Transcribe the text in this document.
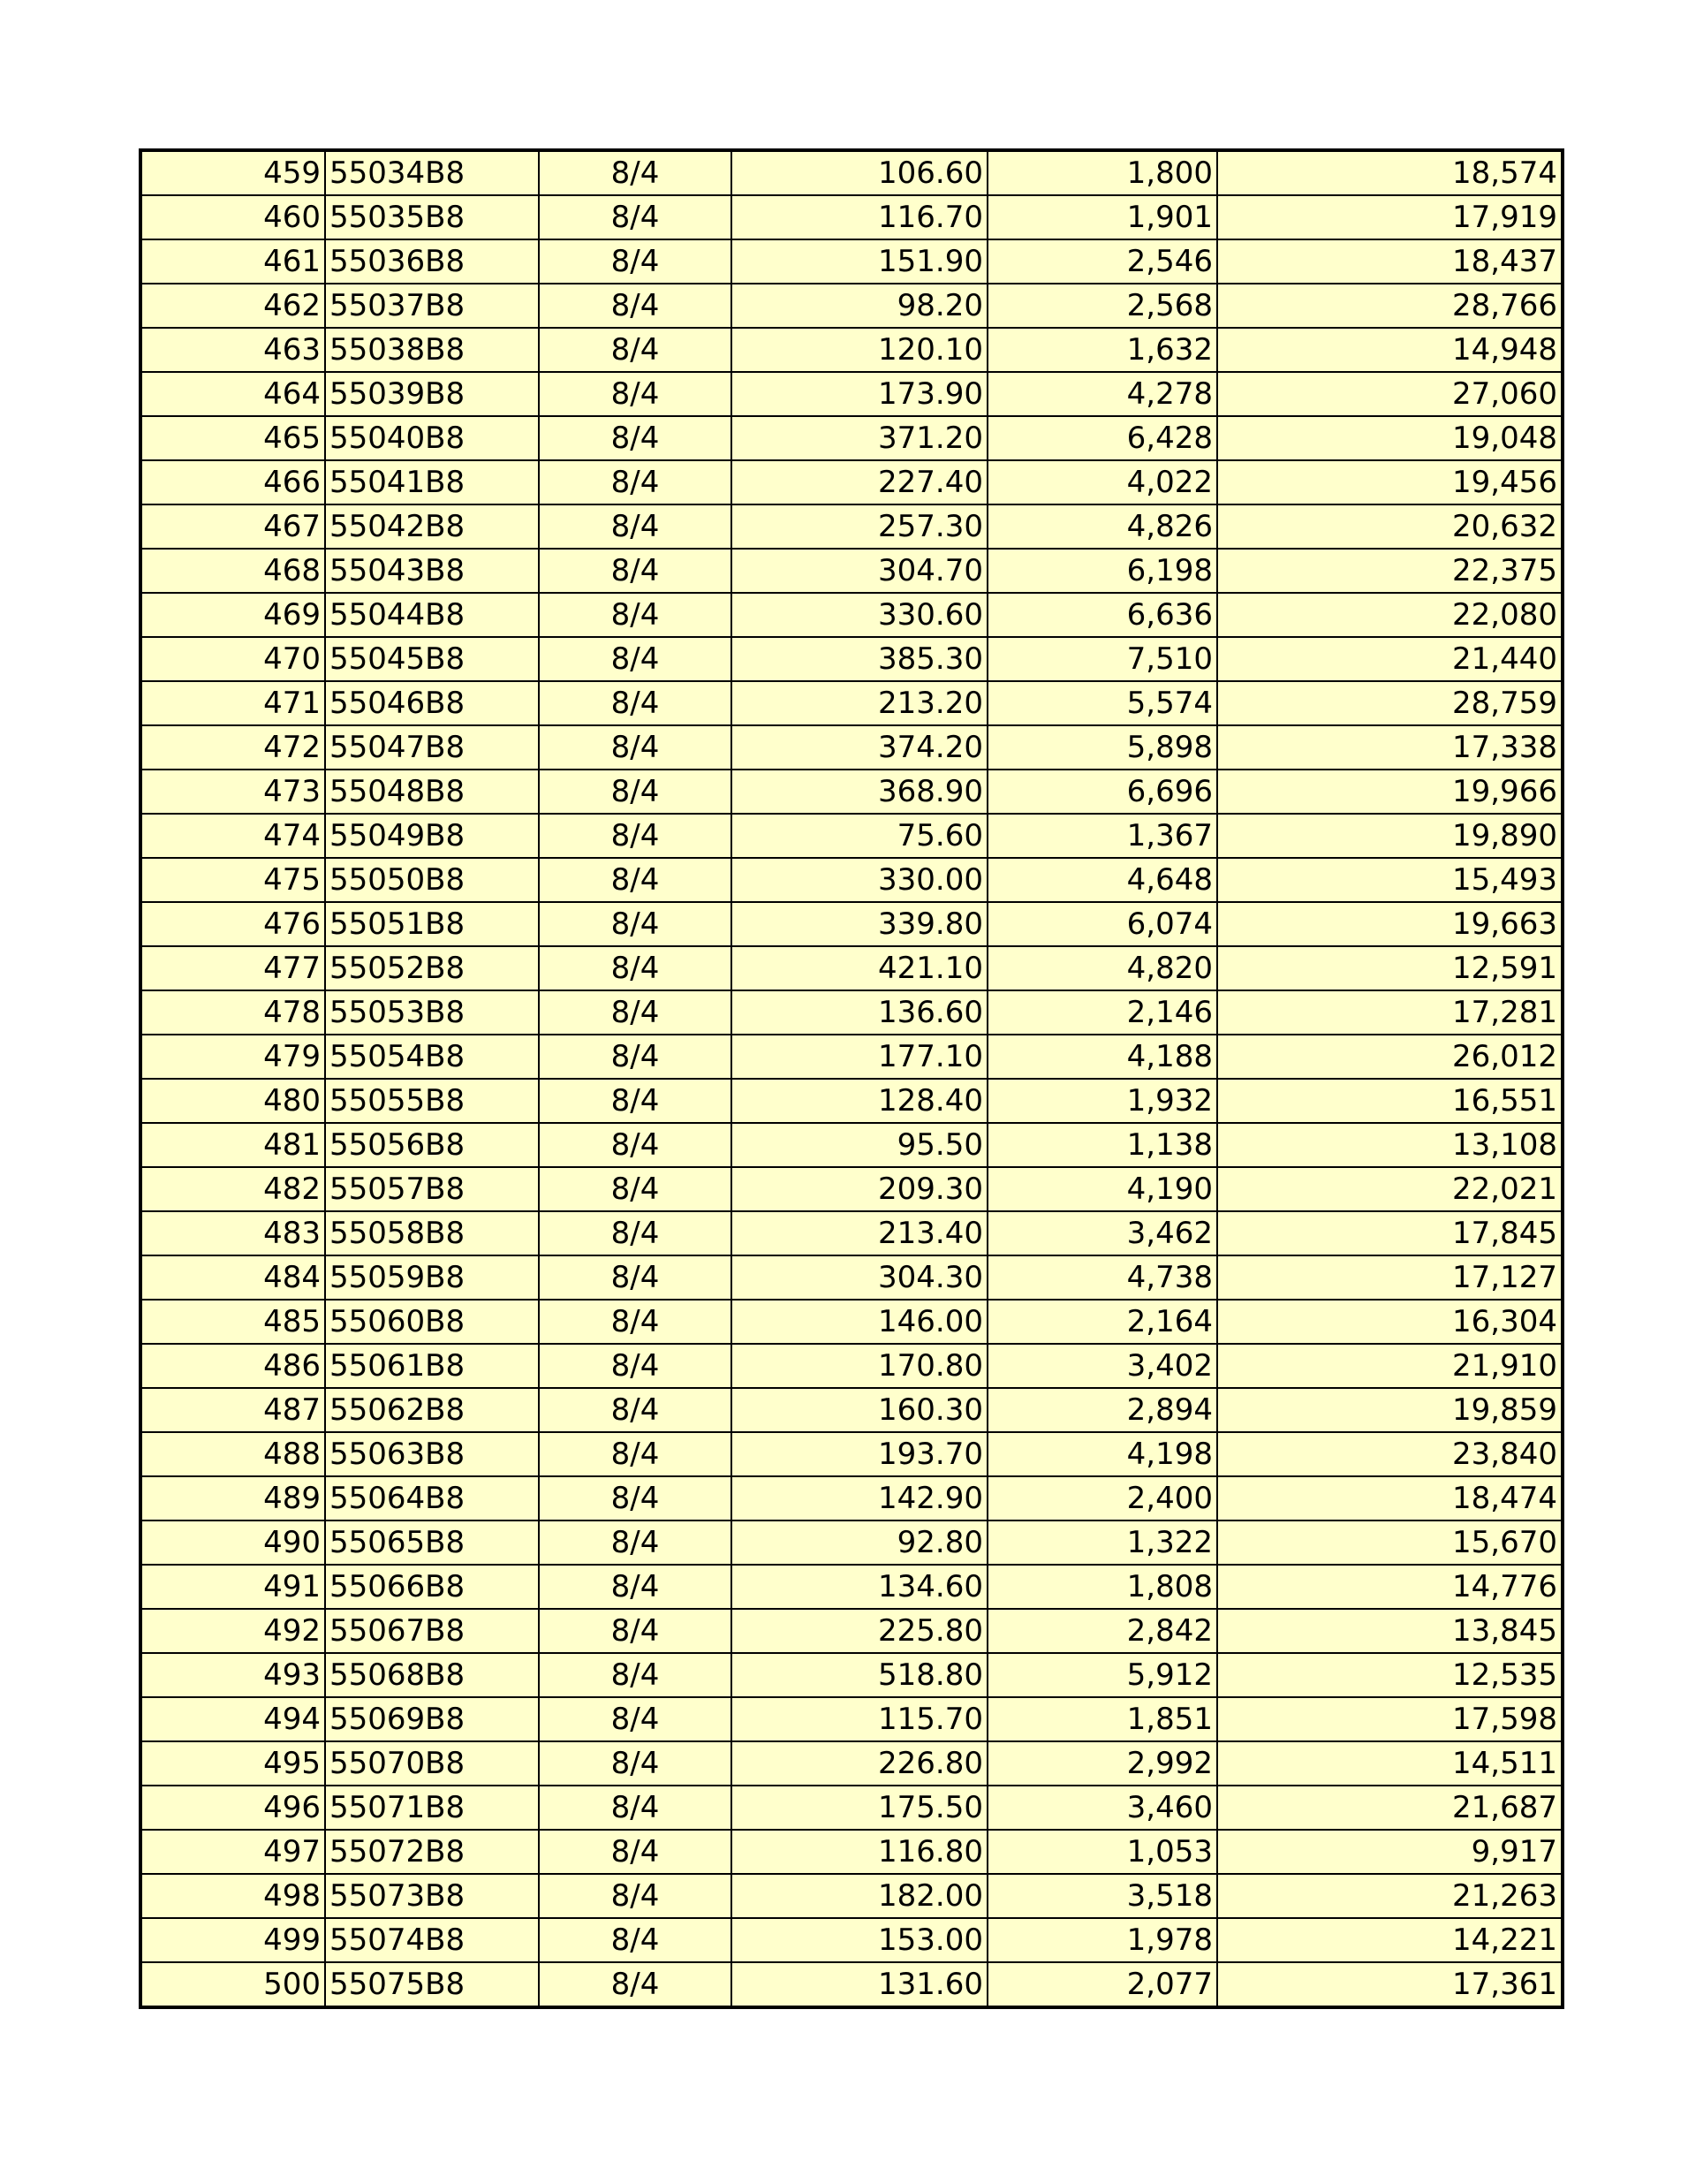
459	55034B8	8/4	106.60	1,800	18,574
460	55035B8	8/4	116.70	1,901	17,919
461	55036B8	8/4	151.90	2,546	18,437
462	55037B8	8/4	98.20	2,568	28,766
463	55038B8	8/4	120.10	1,632	14,948
464	55039B8	8/4	173.90	4,278	27,060
465	55040B8	8/4	371.20	6,428	19,048
466	55041B8	8/4	227.40	4,022	19,456
467	55042B8	8/4	257.30	4,826	20,632
468	55043B8	8/4	304.70	6,198	22,375
469	55044B8	8/4	330.60	6,636	22,080
470	55045B8	8/4	385.30	7,510	21,440
471	55046B8	8/4	213.20	5,574	28,759
472	55047B8	8/4	374.20	5,898	17,338
473	55048B8	8/4	368.90	6,696	19,966
474	55049B8	8/4	75.60	1,367	19,890
475	55050B8	8/4	330.00	4,648	15,493
476	55051B8	8/4	339.80	6,074	19,663
477	55052B8	8/4	421.10	4,820	12,591
478	55053B8	8/4	136.60	2,146	17,281
479	55054B8	8/4	177.10	4,188	26,012
480	55055B8	8/4	128.40	1,932	16,551
481	55056B8	8/4	95.50	1,138	13,108
482	55057B8	8/4	209.30	4,190	22,021
483	55058B8	8/4	213.40	3,462	17,845
484	55059B8	8/4	304.30	4,738	17,127
485	55060B8	8/4	146.00	2,164	16,304
486	55061B8	8/4	170.80	3,402	21,910
487	55062B8	8/4	160.30	2,894	19,859
488	55063B8	8/4	193.70	4,198	23,840
489	55064B8	8/4	142.90	2,400	18,474
490	55065B8	8/4	92.80	1,322	15,670
491	55066B8	8/4	134.60	1,808	14,776
492	55067B8	8/4	225.80	2,842	13,845
493	55068B8	8/4	518.80	5,912	12,535
494	55069B8	8/4	115.70	1,851	17,598
495	55070B8	8/4	226.80	2,992	14,511
496	55071B8	8/4	175.50	3,460	21,687
497	55072B8	8/4	116.80	1,053	9,917
498	55073B8	8/4	182.00	3,518	21,263
499	55074B8	8/4	153.00	1,978	14,221
500	55075B8	8/4	131.60	2,077	17,361
